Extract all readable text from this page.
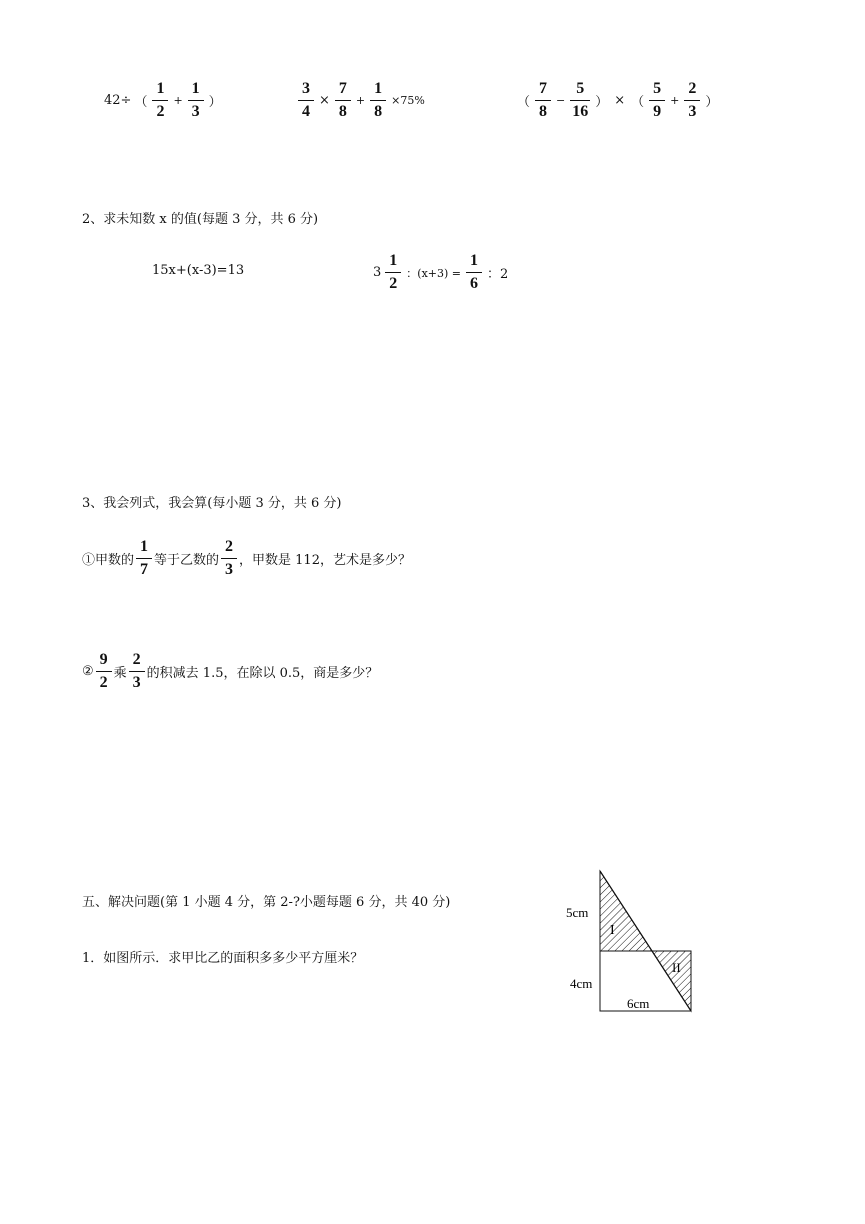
42÷ （ $\frac{1}{2} + \frac{1}{3}$ ）	$\frac{3}{4} \times \frac{7}{8} + \frac{1}{8} \times 75\%$	（ $\frac{7}{8} - \frac{5}{16}$ ） × （ $\frac{5}{9} + \frac{2}{3}$ ）
2、求未知数 x 的值(每题 3 分，共 6 分)
15x+(x-3)=13	$3 \frac{1}{2}$ ：$(x+3) = \frac{1}{6}$ ：2
3、我会列式，我会算(每小题 3 分，共 6 分)
①甲数的 $\frac{1}{7}$ 等于乙数的 $\frac{2}{3}$ ，甲数是 112，艺术是多少？
② $\frac{9}{2}$ 乘 $\frac{2}{3}$ 的积减去 1.5，在除以 0.5，商是多少？
五、解决问题(第 1 小题 4 分，第 2-?小题每题 6 分，共 40 分)
1．如图所示．求甲比乙的面积多多少平方厘米？
5cm
4cm
6cm
I
II
